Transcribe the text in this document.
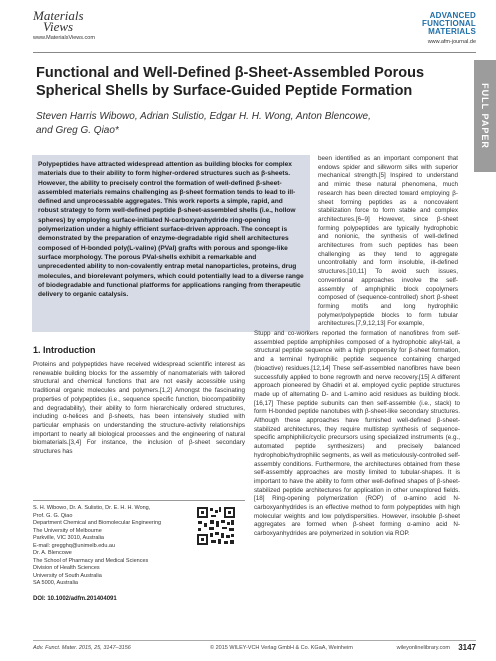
Materials
Views
www.MaterialsViews.com
ADVANCED
FUNCTIONAL
MATERIALS
www.afm-journal.de
FULL PAPER
Functional and Well-Defined β-Sheet-Assembled Porous
Spherical Shells by Surface-Guided Peptide Formation
Steven Harris Wibowo, Adrian Sulistio, Edgar H. H. Wong, Anton Blencowe,
and Greg G. Qiao*
Polypeptides have attracted widespread attention as building blocks for complex materials due to their ability to form higher-ordered structures such as β-sheets. However, the ability to precisely control the formation of well-defined β-sheet-assembled materials remains challenging as β-sheet formation tends to lead to ill-defined and unprocessable aggregates. This work reports a simple, rapid, and robust strategy to form well-defined peptide β-sheet-assembled shells (i.e., hollow spheres) by employing surface-initiated N-carboxyanhydride ring-opening polymerization under a highly efficient surface-driven approach. The concept is demonstrated by the preparation of enzyme-degradable rigid shell architectures composed of H-bonded poly(L-valine) (PVal) grafts with porous and sponge-like surface morphology. The porous PVal-shells exhibit a remarkable and unprecedented ability to non-covalently entrap metal nanoparticles, proteins, drug molecules, and biorelevant polymers, which could potentially lead to a diverse range of biodegradable and functional platforms for applications ranging from therapeutic delivery to organic catalysis.
been identified as an important component that endows spider and silkworm silks with superior mechanical strength.[5] Inspired to understand and mimic these natural phenomena, much research has been directed toward employing β-sheet forming peptides as a noncovalent stabilization force to form stable and complex architectures.[6–9] However, since β-sheet forming polypeptides are typically hydrophobic and nonionic, the synthesis of well-defined architectures from such peptides has been challenging as they tend to aggregate uncontrollably and form insoluble, ill-defined structures.[10,11] To avoid such issues, conventional approaches involve the self-assembly of amphiphilic block copolymers composed of (sequence-controlled) short β-sheet forming motifs and long hydrophilic polymer/polypeptide blocks to form tubular architectures.[7,9,12,13] For example,
1. Introduction
Proteins and polypeptides have received widespread scientific interest as renewable building blocks for the assembly of nanomaterials with tailored structural and chemical functions that are not easily accessible using traditional organic molecules and polymers.[1,2] Amongst the fascinating properties of polypeptides (i.e., sequence specific function, biocompatibility and degradability), their ability to form hierarchically ordered structures, including α-helices and β-sheets, has been intensively studied with particular emphasis on understanding the structure-activity relationships important to nearly all biological processes and the engineering of natural biomaterials.[3,4] For instance, the inclusion of β-sheet secondary structures has
Stupp and co-workers reported the formation of nanofibres from self-assembled peptide amphiphiles composed of a hydrophobic alkyl-tail, a structural peptide sequence with a high propensity for β-sheet formation, and a terminal hydrophilic peptide sequence containing charged (bioactive) residues.[12,14] These self-assembled nanofibres have been successfully applied to bone regrowth and nerve recovery.[15] A different approach pioneered by Ghadiri et al. employed cyclic peptide structures made up of alternating D- and L-amino acid residues as building block.[16,17] These peptide subunits can then self-assemble (i.e., stack) to form H-bonded peptide nanotubes with β-sheet-like secondary structures. Although these approaches have furnished well-defined β-sheet-stabilized architectures, they require multistep synthesis of sequence-specific amphiphilic/cyclic precursors using specialized instruments (e.g., automated peptide synthesizers) and precisely balanced hydrophobic/hydrophilic segments, as well as meticulously-controlled self-assembly conditions. Furthermore, the architectures obtained from these self-assembly approaches are mostly limited to tubular-shapes. It is important to have the ability to form other well-defined shapes of β-sheet-stabilized peptide architectures for application in other unexplored fields.[18] Ring-opening polymerization (ROP) of α-amino acid N-carboxyanhydrides is an effective method to form polypeptides with high molecular weights and low polydispersities. However, insoluble β-sheet aggregates are formed when β-sheet forming α-amino acid N-carboxyanhydrides are polymerized in solution via ROP.
S. H. Wibowo, Dr. A. Sulistio, Dr. E. H. H. Wong,
Prof. G. G. Qiao
Department Chemical and Biomolecular Engineering
The University of Melbourne
Parkville, VIC 3010, Australia
E-mail: gregghq@unimelb.edu.au
Dr. A. Blencowe
The School of Pharmacy and Medical Sciences
Division of Health Sciences
University of South Australia
SA 5000, Australia
DOI: 10.1002/adfm.201404091
Adv. Funct. Mater. 2015, 25, 3147–3156	© 2015 WILEY-VCH Verlag GmbH & Co. KGaA, Weinheim	wileyonlinelibrary.com 3147
